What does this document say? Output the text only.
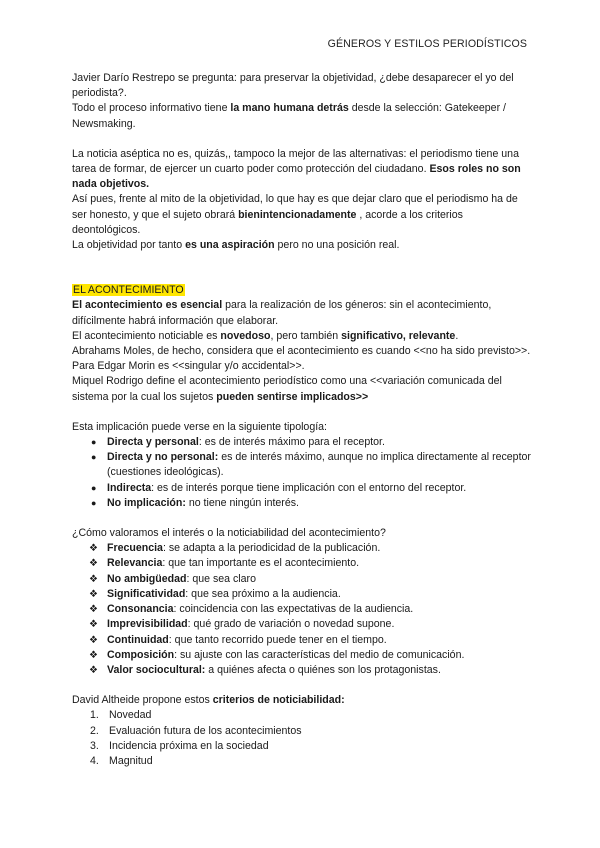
GÉNEROS Y ESTILOS PERIODÍSTICOS

Javier Darío Restrepo se pregunta: para preservar la objetividad, ¿debe desaparecer el yo del periodista?.

Todo el proceso informativo tiene la mano humana detrás desde la selección: Gatekeeper / Newsmaking.

La noticia aséptica no es, quizás,, tampoco la mejor de las alternativas: el periodismo tiene una tarea de formar, de ejercer un cuarto poder como protección del ciudadano. Esos roles no son nada objetivos.

Así pues, frente al mito de la objetividad, lo que hay es que dejar claro que el periodismo ha de ser honesto, y que el sujeto obrará bienintencionadamente , acorde a los criterios deontológicos.

La objetividad por tanto es una aspiración pero no una posición real.

EL ACONTECIMIENTO

El acontecimiento es esencial para la realización de los géneros: sin el acontecimiento, difícilmente habrá información que elaborar.

El acontecimiento noticiable es novedoso, pero también significativo, relevante.

Abrahams Moles, de hecho, considera que el acontecimiento es cuando <<no ha sido previsto>>. Para Edgar Morin es <<singular y/o accidental>>.

Miquel Rodrigo define el acontecimiento periodístico como una <<variación comunicada del sistema por la cual los sujetos pueden sentirse implicados>>

Esta implicación puede verse en la siguiente tipología:

● Directa y personal: es de interés máximo para el receptor.
● Directa y no personal: es de interés máximo, aunque no implica directamente al receptor (cuestiones ideológicas).
● Indirecta: es de interés porque tiene implicación con el entorno del receptor.
● No implicación: no tiene ningún interés.

¿Cómo valoramos el interés o la noticiabilidad del acontecimiento?

❖ Frecuencia: se adapta a la periodicidad de la publicación.
❖ Relevancia: que tan importante es el acontecimiento.
❖ No ambigüedad: que sea claro
❖ Significatividad: que sea próximo a la audiencia.
❖ Consonancia: coincidencia con las expectativas de la audiencia.
❖ Imprevisibilidad: qué grado de variación o novedad supone.
❖ Continuidad: que tanto recorrido puede tener en el tiempo.
❖ Composición: su ajuste con las características del medio de comunicación.
❖ Valor sociocultural: a quiénes afecta o quiénes son los protagonistas.

David Altheide propone estos criterios de noticiabilidad:

1. Novedad
2. Evaluación futura de los acontecimientos
3. Incidencia próxima en la sociedad
4. Magnitud
